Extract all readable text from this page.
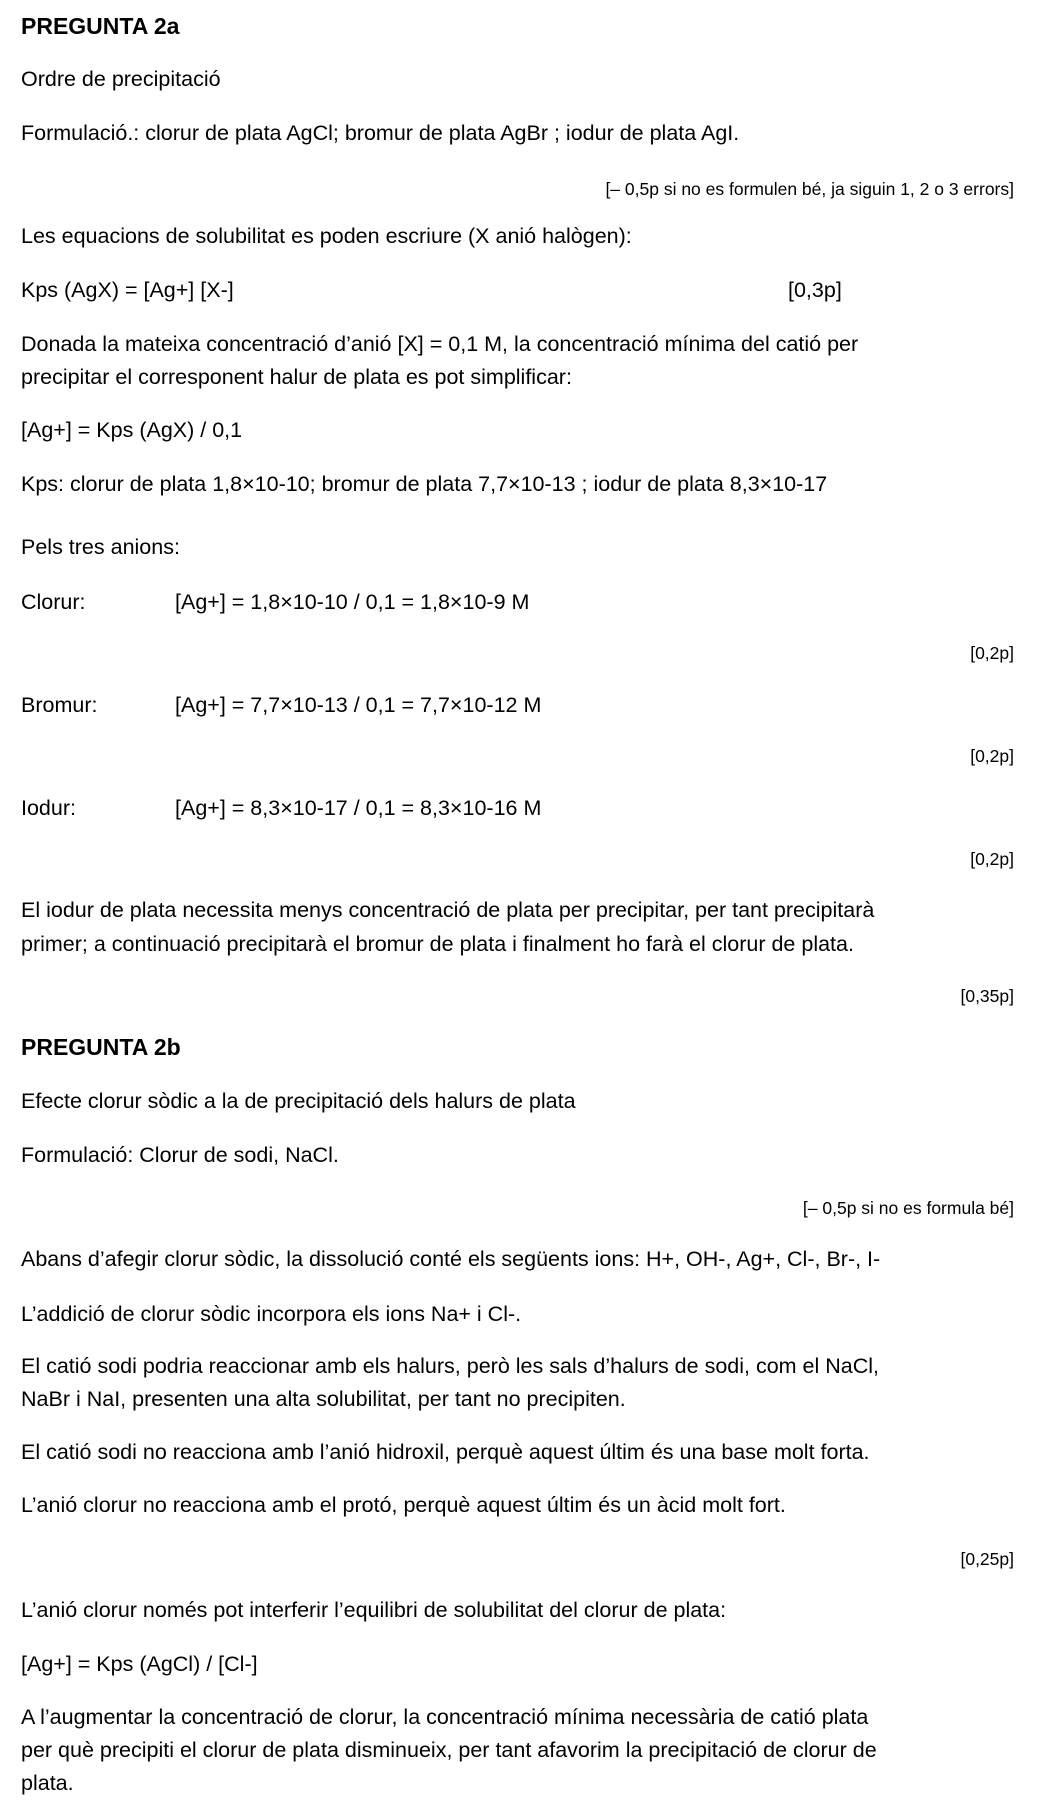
PREGUNTA 2a

Ordre de precipitació

Formulació.: clorur de plata AgCl; bromur de plata AgBr ; iodur de plata AgI.

[– 0,5p si no es formulen bé, ja siguin 1, 2 o 3 errors]

Les equacions de solubilitat es poden escriure (X anió halògen):

Kps (AgX) = [Ag+] [X-]	[0,3p]

Donada la mateixa concentració d’anió [X] = 0,1 M, la concentració mínima del catió per

precipitar el corresponent halur de plata es pot simplificar:

[Ag+] = Kps (AgX) / 0,1

Kps: clorur de plata 1,8×10-10; bromur de plata 7,7×10-13 ; iodur de plata 8,3×10-17

Pels tres anions:

Clorur:	[Ag+] = 1,8×10-10 / 0,1 = 1,8×10-9 M

[0,2p]

Bromur:	[Ag+] = 7,7×10-13 / 0,1 = 7,7×10-12 M

[0,2p]

Iodur:	[Ag+] = 8,3×10-17 / 0,1 = 8,3×10-16 M

[0,2p]

El iodur de plata necessita menys concentració de plata per precipitar, per tant precipitarà

primer; a continuació precipitarà el bromur de plata i finalment ho farà el clorur de plata.

[0,35p]

PREGUNTA 2b

Efecte clorur sòdic a la de precipitació dels halurs de plata

Formulació: Clorur de sodi, NaCl.

[– 0,5p si no es formula bé]

Abans d’afegir clorur sòdic, la dissolució conté els següents ions: H+, OH-, Ag+, Cl-, Br-, I-

L’addició de clorur sòdic incorpora els ions Na+ i Cl-.

El catió sodi podria reaccionar amb els halurs, però les sals d’halurs de sodi, com el NaCl,

NaBr i NaI, presenten una alta solubilitat, per tant no precipiten.

El catió sodi no reacciona amb l’anió hidroxil, perquè aquest últim és una base molt forta.

L’anió clorur no reacciona amb el protó, perquè aquest últim és un àcid molt fort.

[0,25p]

L’anió clorur només pot interferir l’equilibri de solubilitat del clorur de plata:

[Ag+] = Kps (AgCl) / [Cl-]

A l’augmentar la concentració de clorur, la concentració mínima necessària de catió plata

per què precipiti el clorur de plata disminueix, per tant afavorim la precipitació de clorur de

plata.
